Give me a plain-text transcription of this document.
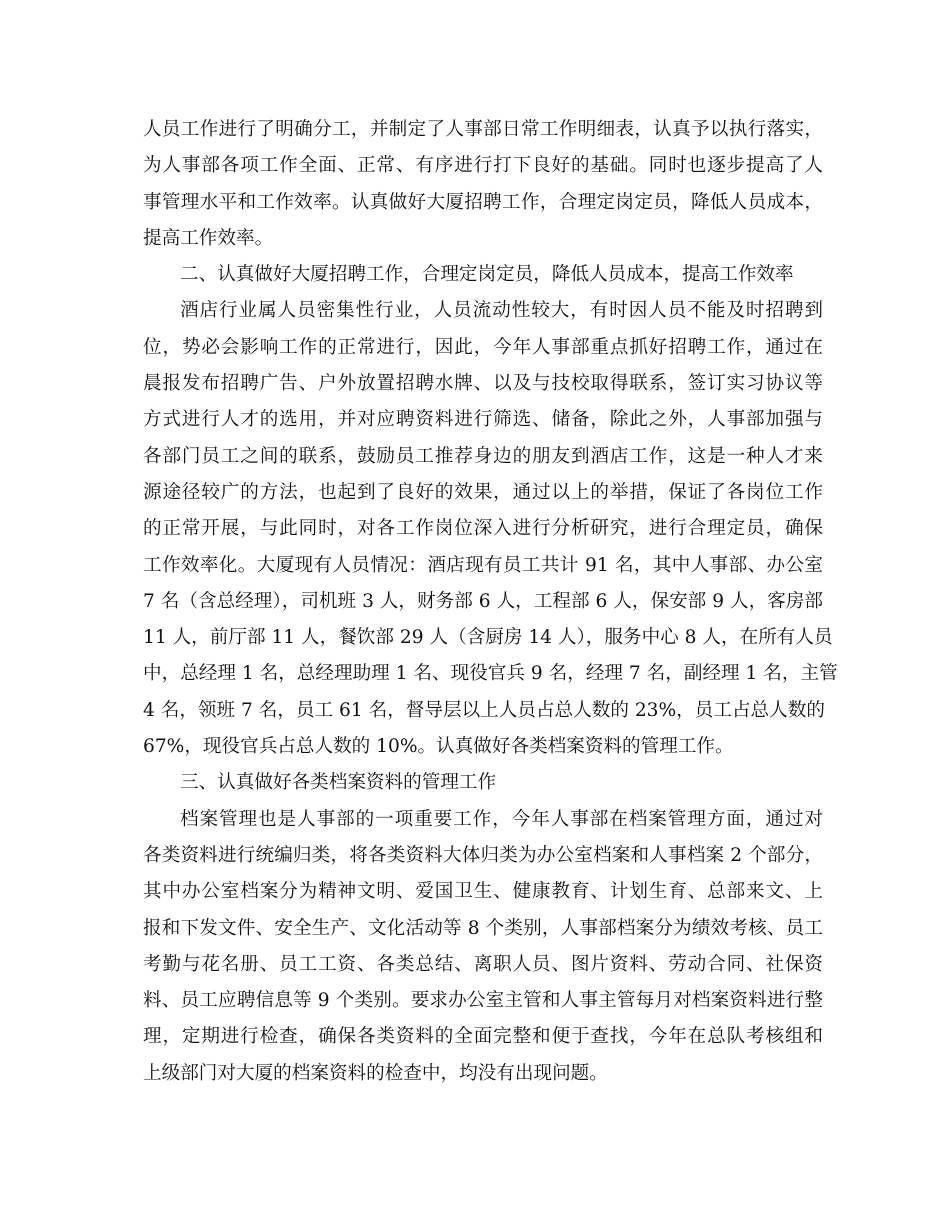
人员工作进行了明确分工，并制定了人事部日常工作明细表，认真予以执行落实，
为人事部各项工作全面、正常、有序进行打下良好的基础。同时也逐步提高了人
事管理水平和工作效率。认真做好大厦招聘工作，合理定岗定员，降低人员成本，
提高工作效率。
二、认真做好大厦招聘工作，合理定岗定员，降低人员成本，提高工作效率
酒店行业属人员密集性行业，人员流动性较大，有时因人员不能及时招聘到
位，势必会影响工作的正常进行，因此，今年人事部重点抓好招聘工作，通过在
晨报发布招聘广告、户外放置招聘水牌、以及与技校取得联系，签订实习协议等
方式进行人才的选用，并对应聘资料进行筛选、储备，除此之外，人事部加强与
各部门员工之间的联系，鼓励员工推荐身边的朋友到酒店工作，这是一种人才来
源途径较广的方法，也起到了良好的效果，通过以上的举措，保证了各岗位工作
的正常开展，与此同时，对各工作岗位深入进行分析研究，进行合理定员，确保
工作效率化。大厦现有人员情况：酒店现有员工共计 91 名，其中人事部、办公室
7 名（含总经理），司机班 3 人，财务部 6 人，工程部 6 人，保安部 9 人，客房部
11 人，前厅部 11 人，餐饮部 29 人（含厨房 14 人），服务中心 8 人，在所有人员
中，总经理 1 名，总经理助理 1 名、现役官兵 9 名，经理 7 名，副经理 1 名，主管
4 名，领班 7 名，员工 61 名，督导层以上人员占总人数的 23%，员工占总人数的
67%，现役官兵占总人数的 10%。认真做好各类档案资料的管理工作。
三、认真做好各类档案资料的管理工作
档案管理也是人事部的一项重要工作，今年人事部在档案管理方面，通过对
各类资料进行统编归类，将各类资料大体归类为办公室档案和人事档案 2 个部分，
其中办公室档案分为精神文明、爱国卫生、健康教育、计划生育、总部来文、上
报和下发文件、安全生产、文化活动等 8 个类别，人事部档案分为绩效考核、员工
考勤与花名册、员工工资、各类总结、离职人员、图片资料、劳动合同、社保资
料、员工应聘信息等 9 个类别。要求办公室主管和人事主管每月对档案资料进行整
理，定期进行检查，确保各类资料的全面完整和便于查找，今年在总队考核组和
上级部门对大厦的档案资料的检查中，均没有出现问题。
